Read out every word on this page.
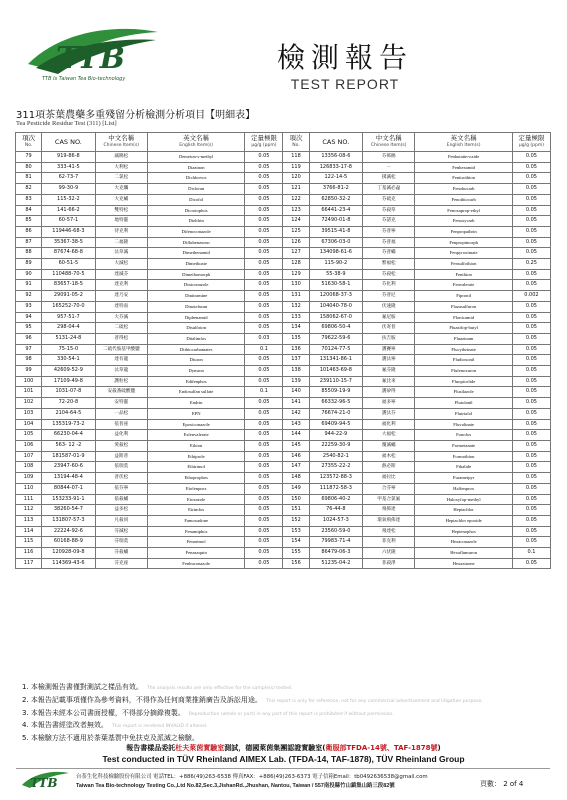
TTB
TTB Is Taiwan Tea Bio-technology
檢測報告
TEST REPORT
311項茶葉農藥多重殘留分析檢測分析項目【明細表】
Tea Pesticide Residue Test (311) [List]
項次
No.	CAS NO.	中文名稱
Chinese Item(s)	英文名稱
English Item(s)	定量極限
µg/g (ppm)	項次
No.	CAS NO.	中文名稱
Chinese Item(s)	英文名稱
English Item(s)	定量極限
µg/g (ppm)

79	919-86-8	滅賜松	Demeton-s-methyl	0.05	118	13356-08-6	芬佈賜	Fenbutatin-oxide	0.05
80	333-41-5	大利松	Diazinon	0.05	119	126833-17-8	－	Fenhexamid	0.05
81	62-73-7	二氯松	Dichlorvos	0.05	120	122-14-5	撲滅松	Fenitrothion	0.05
82	99-30-9	大克爛	Dicloran	0.05	121	3766-81-2	丁基滅必蝨	Fenobucarb	0.05
83	115-32-2	大克蟎	Dicofol	0.05	122	62850-32-2	芬硫克	Fenothiocarb	0.05
84	141-66-2	雙特松	Dicrotophos	0.05	123	66441-23-4	芬殺草	Fenoxaprop-ethyl	0.05
85	60-57-1	地特靈	Dieldrin	0.05	124	72490-01-8	芬諾克	Fenoxycarb	0.05
86	119446-68-3	待克利	Difenoconazole	0.05	125	39515-41-8	芬普寧	Fenpropathrin	0.05
87	35367-38-5	二福隆	Diflubenzuron	0.05	126	67306-03-0	芬普福	Fenpropimorph	0.05
88	87674-68-8	汰草滅	Dimethenamid	0.05	127	134098-61-6	芬普蟎	Fenpyroximate	0.05
89	60-51-5	大滅松	Dimethoate	0.05	128	115-90-2	繁福松	Fensulfothion	0.25
90	110488-70-5	達滅芬	Dimethomorph	0.05	129	55-38-9	芬殺松	Fenthion	0.05
91	83657-18-5	達克利	Diniconazole	0.05	130	51630-58-1	芬化利	Fenvalerate	0.05
92	29091-05-2	達乃安	Dinitramine	0.05	131	120068-37-3	芬普尼	Fipronil	0.002
93	165252-70-0	達特南	Dinotefuran	0.05	132	104040-78-0	伏速隆	Flazasulfuron	0.05
94	957-51-7	大芬滅	Diphenamid	0.05	133	158062-67-0	氟尼胺	Flonicamid	0.05
95	298-04-4	二硫松	Disulfoton	0.05	134	69806-50-4	伏寄普	Fluazifop-butyl	0.05
96	5131-24-8	普得松	Ditalimfos	0.03	135	79622-59-6	扶吉胺	Fluazinam	0.05
97	75-15-0	二硫代胺基甲酸鹽	Dithiocarbamates	0.1	136	70124-77-5	護賽寧	Flucythrinate	0.05
98	330-54-1	達有龍	Diuron	0.05	137	131341-86-1	護汰寧	Fludioxonil	0.05
99	42609-52-9	汰草龍	Dymron	0.05	138	101463-69-8	氟芬隆	Flufenoxuron	0.05
100	17109-49-8	護粒松	Edifenphos	0.05	139	239110-15-7	氟比來	Fluopicolide	0.05
101	1031-07-8	安殺番硫酸鹽	Endosulfan sulfate	0.1	140	85509-19-9	護矽得	Flusilazole	0.05
102	72-20-8	安特靈	Endrin	0.05	141	66332-96-5	福多寧	Flutolanil	0.05
103	2104-64-5	一品松	EPN	0.05	142	76674-21-0	護汰芬	Flutriafol	0.05
104	135319-73-2	依普座	Epoxiconazole	0.05	143	69409-94-5	福化利	Fluvalinate	0.05
105	66230-04-4	益化利	Esfenvalerate	0.05	144	944-22-9	大福松	Fonofos	0.05
106	563- 12 -2	愛殺松	Ethion	0.05	145	22259-30-9	覆滅蟎	Formetanate	0.05
107	181587-01-9	益斯普	Ethiprole	0.05	146	2540-82-1	福木松	Formothion	0.05
108	23947-60-6	依瑞莫	Ethirimol	0.05	147	27355-22-2	熱必斯	Fthalide	0.05
109	13194-48-4	普伏松	Ethoprophos	0.05	148	123572-88-3	福拉比	Furametpyr	0.05
110	80844-07-1	依芬寧	Etofenprox	0.05	149	111872-58-3	合芬寧	Halfenprox	0.05
111	153233-91-1	依殺蟎	Etoxazole	0.05	150	69806-40-2	甲基合氯氟	Haloxyfop-methyl	0.05
112	38260-54-7	益多松	Etrimfos	0.05	151	76-44-8	飛佈達	Heptachlor	0.05
113	131807-57-3	凡殺同	Famoxadone	0.05	152	1024-57-3	環氧飛佈達	Heptachlor epoxide	0.05
114	22224-92-6	芬滅松	Fenamiphos	0.05	153	23560-59-0	飛達松	Heptenophos	0.05
115	60168-88-9	芬瑞莫	Fenarimol	0.05	154	79983-71-4	菲克利	Hexaconazole	0.05
116	120928-09-8	芬殺蟎	Fenazaquin	0.05	155	86479-06-3	六伏隆	Hexaflumuron	0.1
117	114369-43-6	芬克座	Fenbuconazole	0.05	156	51235-04-2	菲殺淨	Hexazinone	0.05
1. 本檢測報告書僅對測試之樣品有效。 The analysis results are only effective for the sample(s) tested.
2. 本報告記載事項僅作為參考資料，不得作為任何商業推銷廣告及訴訟用途。 This report is only for reference, not for any commercial advertisement and litigation purpose.
3. 本報告未經本公司書面授權，不得部分摘錄複製。 Reproduction (whole or part) in any part of this report is prohibited if without permission.
4. 本報告書經塗改者無效。 This report is rendered INVALID if altered.
5. 本檢驗方法不適用於茶葉基質中免扶克及派滅之檢驗。
報告書樣品委託杜夫萊茵實驗室測試，德國萊茵集團認證實驗室(衛服部TFDA-14號、TAF-1878號)
Test conducted in TÜV Rheinland AIMEX Lab. (TFDA-14, TAF-1878), TÜV Rheinland Group
TTB	台茶生化科技檢驗股份有限公司 電話TEL：+886(49)263-6538 傳真FAX：+886(49)263-6373 電子信箱Email：tb0492636538@gmail.com
Taiwan Tea Bio-technology Testing Co.,Ltd No.82,Sec.3,JishanRd.,Jhushan, Nantou, Taiwan / 557南投縣竹山鎮集山路三段82號	頁數： 2 of 4
